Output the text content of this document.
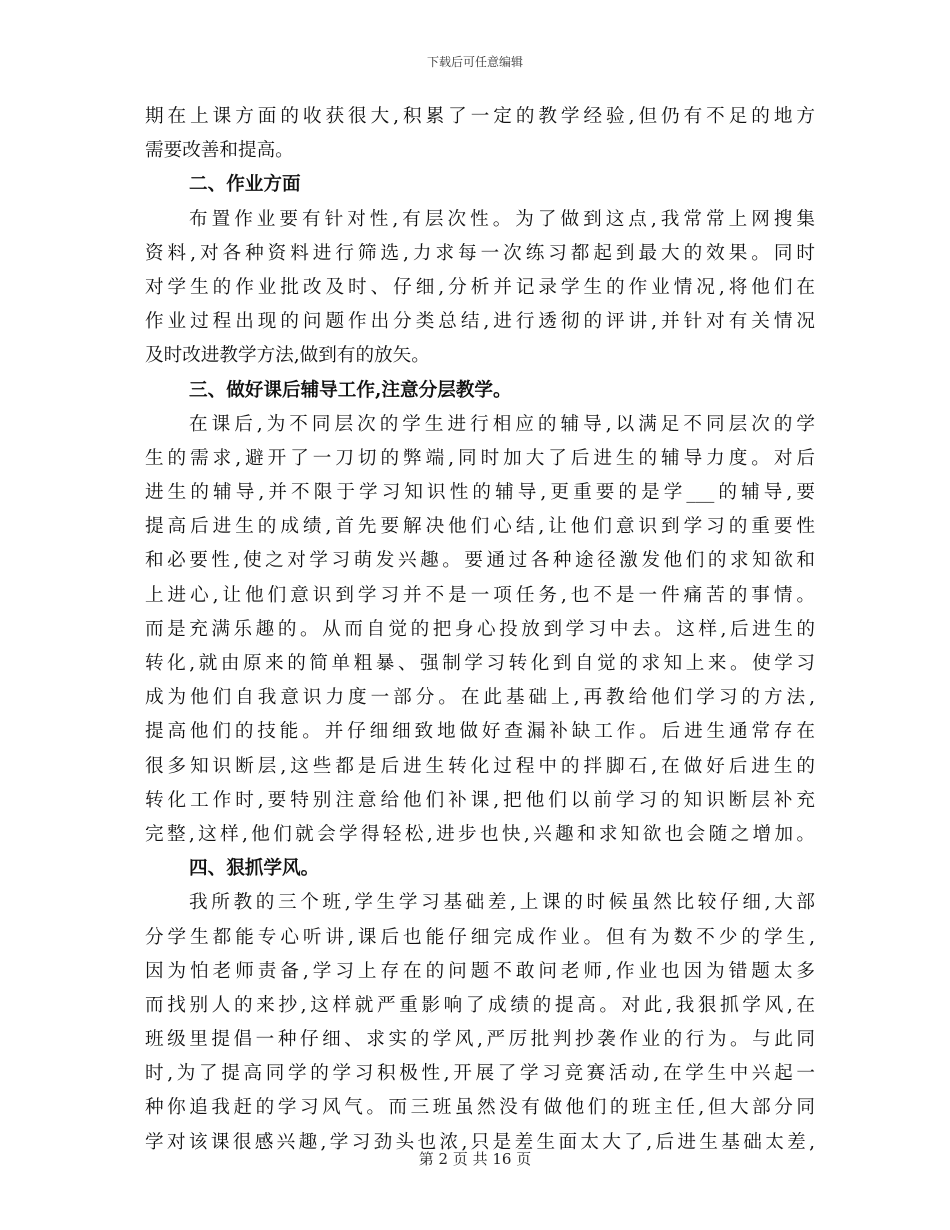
下载后可任意编辑
期在上课方面的收获很大,积累了一定的教学经验,但仍有不足的地方
需要改善和提高。
二、作业方面
布置作业要有针对性,有层次性。为了做到这点,我常常上网搜集
资料,对各种资料进行筛选,力求每一次练习都起到最大的效果。同时
对学生的作业批改及时、仔细,分析并记录学生的作业情况,将他们在
作业过程出现的问题作出分类总结,进行透彻的评讲,并针对有关情况
及时改进教学方法,做到有的放矢。
三、做好课后辅导工作,注意分层教学。
在课后,为不同层次的学生进行相应的辅导,以满足不同层次的学
生的需求,避开了一刀切的弊端,同时加大了后进生的辅导力度。对后
进生的辅导,并不限于学习知识性的辅导,更重要的是学___的辅导,要
提高后进生的成绩,首先要解决他们心结,让他们意识到学习的重要性
和必要性,使之对学习萌发兴趣。要通过各种途径激发他们的求知欲和
上进心,让他们意识到学习并不是一项任务,也不是一件痛苦的事情。
而是充满乐趣的。从而自觉的把身心投放到学习中去。这样,后进生的
转化,就由原来的简单粗暴、强制学习转化到自觉的求知上来。使学习
成为他们自我意识力度一部分。在此基础上,再教给他们学习的方法,
提高他们的技能。并仔细细致地做好查漏补缺工作。后进生通常存在
很多知识断层,这些都是后进生转化过程中的拌脚石,在做好后进生的
转化工作时,要特别注意给他们补课,把他们以前学习的知识断层补充
完整,这样,他们就会学得轻松,进步也快,兴趣和求知欲也会随之增加。
四、狠抓学风。
我所教的三个班,学生学习基础差,上课的时候虽然比较仔细,大部
分学生都能专心听讲,课后也能仔细完成作业。但有为数不少的学生,
因为怕老师责备,学习上存在的问题不敢问老师,作业也因为错题太多
而找别人的来抄,这样就严重影响了成绩的提高。对此,我狠抓学风,在
班级里提倡一种仔细、求实的学风,严厉批判抄袭作业的行为。与此同
时,为了提高同学的学习积极性,开展了学习竞赛活动,在学生中兴起一
种你追我赶的学习风气。而三班虽然没有做他们的班主任,但大部分同
学对该课很感兴趣,学习劲头也浓,只是差生面太大了,后进生基础太差,
第 2 页 共 16 页
